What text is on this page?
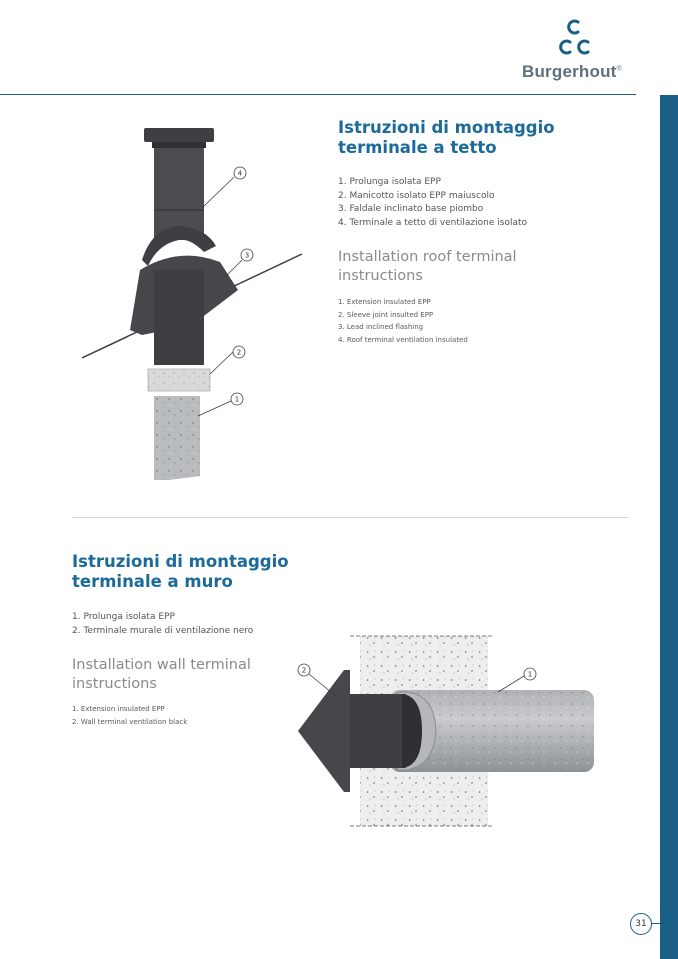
Burgerhout®
4
3
2
1
Istruzioni di montaggio
terminale a tetto
1. Prolunga isolata EPP
2. Manicotto isolato EPP maiuscolo
3. Faldale inclinato base piombo
4. Terminale a tetto di ventilazione isolato
Installation roof terminal
instructions
1. Extension insulated EPP
2. Sleeve joint insulted EPP
3. Lead inclined flashing
4. Roof terminal ventilation insulated
Istruzioni di montaggio
terminale a muro
1. Prolunga isolata EPP
2. Terminale murale di ventilazione nero
Installation wall terminal
instructions
1. Extension insulated EPP
2. Wall terminal ventilation black
2	1
31
